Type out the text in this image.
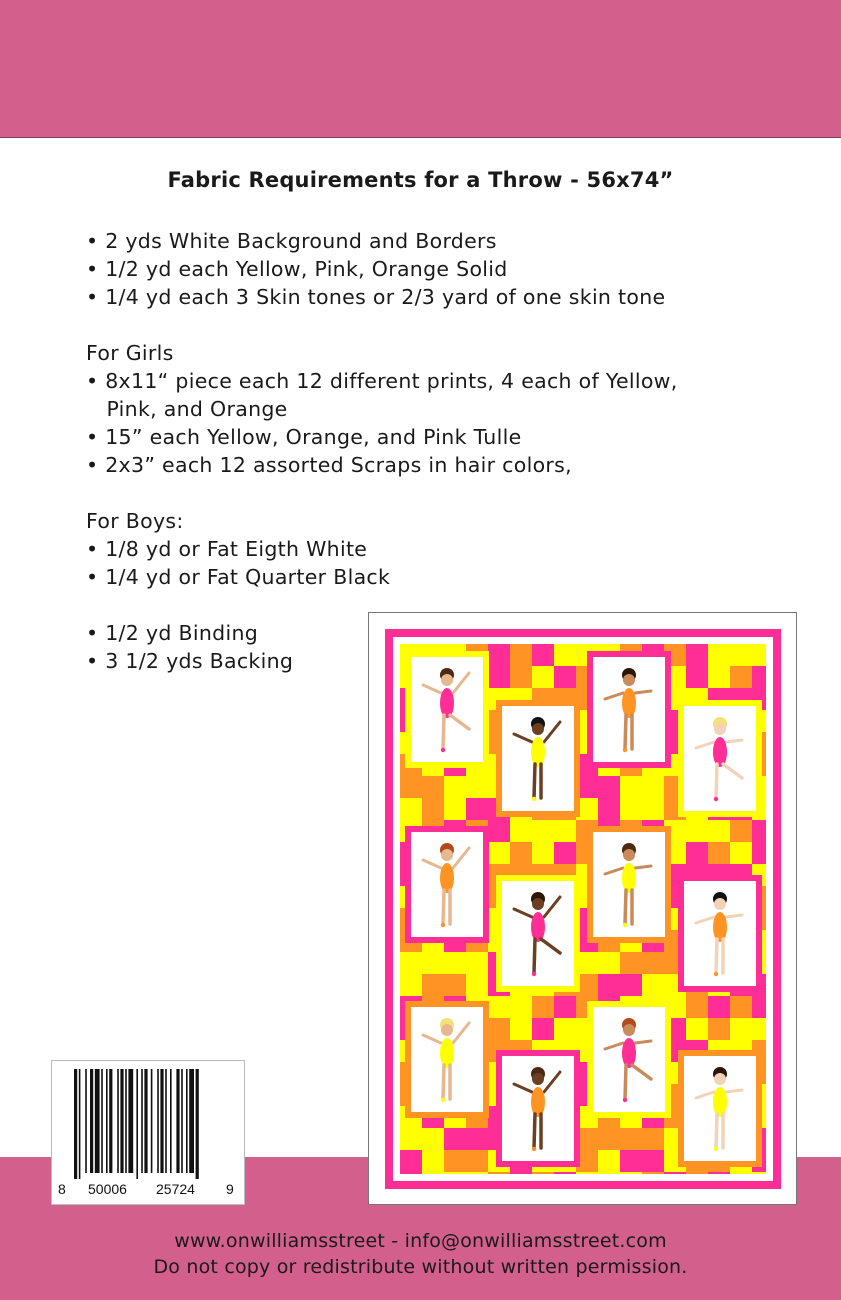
Fabric Requirements for a Throw - 56x74”
• 2 yds White Background and Borders
• 1/2 yd each Yellow, Pink, Orange Solid
• 1/4 yd each 3 Skin tones or 2/3 yard of one skin tone
For Girls
• 8x11“ piece each 12 different prints, 4 each of Yellow,
Pink, and Orange
• 15” each Yellow, Orange, and Pink Tulle
• 2x3” each 12 assorted Scraps in hair colors,
For Boys:
• 1/8 yd or Fat Eigth White
• 1/4 yd or Fat Quarter Black
• 1/2 yd Binding
• 3 1/2 yds Backing
8 50006 25724 9
www.onwilliamsstreet - info@onwilliamsstreet.com
Do not copy or redistribute without written permission.
